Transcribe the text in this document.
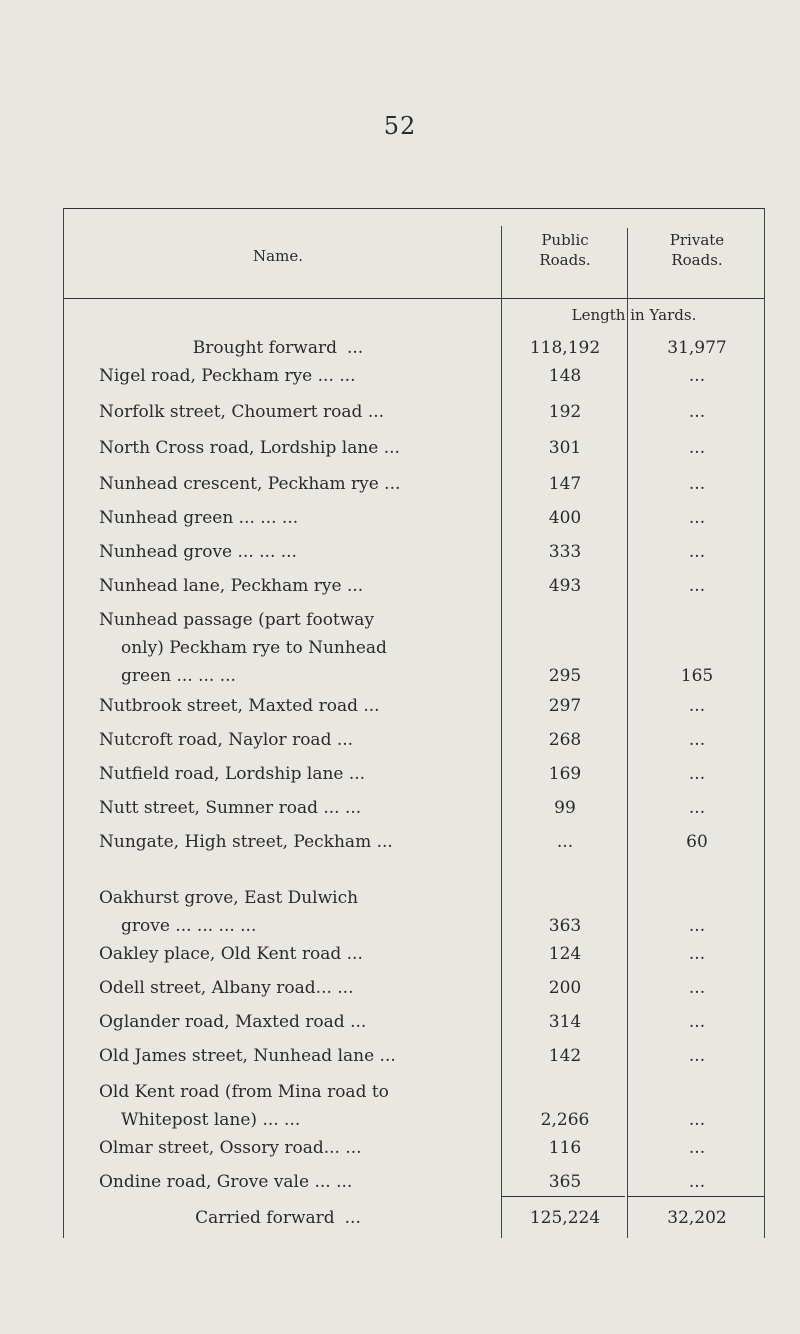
52
Name.
Public
Roads.
Private
Roads.
Length in Yards.
Brought forward ...	118,192	31,977
Nigel road, Peckham rye ... ...	148	...
Norfolk street, Choumert road ...	192	...
North Cross road, Lordship lane ...	301	...
Nunhead crescent, Peckham rye ...	147	...
Nunhead green ... ... ...	400	...
Nunhead grove ... ... ...	333	...
Nunhead lane, Peckham rye ...	493	...
Nunhead passage (part footway
only) Peckham rye to Nunhead
green ... ... ...	295	165
Nutbrook street, Maxted road ...	297	...
Nutcroft road, Naylor road ...	268	...
Nutfield road, Lordship lane ...	169	...
Nutt street, Sumner road ... ...	99	...
Nungate, High street, Peckham ...	...	60
Oakhurst grove, East Dulwich
grove ... ... ... ...	363	...
Oakley place, Old Kent road ...	124	...
Odell street, Albany road... ...	200	...
Oglander road, Maxted road ...	314	...
Old James street, Nunhead lane ...	142	...
Old Kent road (from Mina road to
Whitepost lane) ... ...	2,266	...
Olmar street, Ossory road... ...	116	...
Ondine road, Grove vale ... ...	365	...
Carried forward ...	125,224	32,202
